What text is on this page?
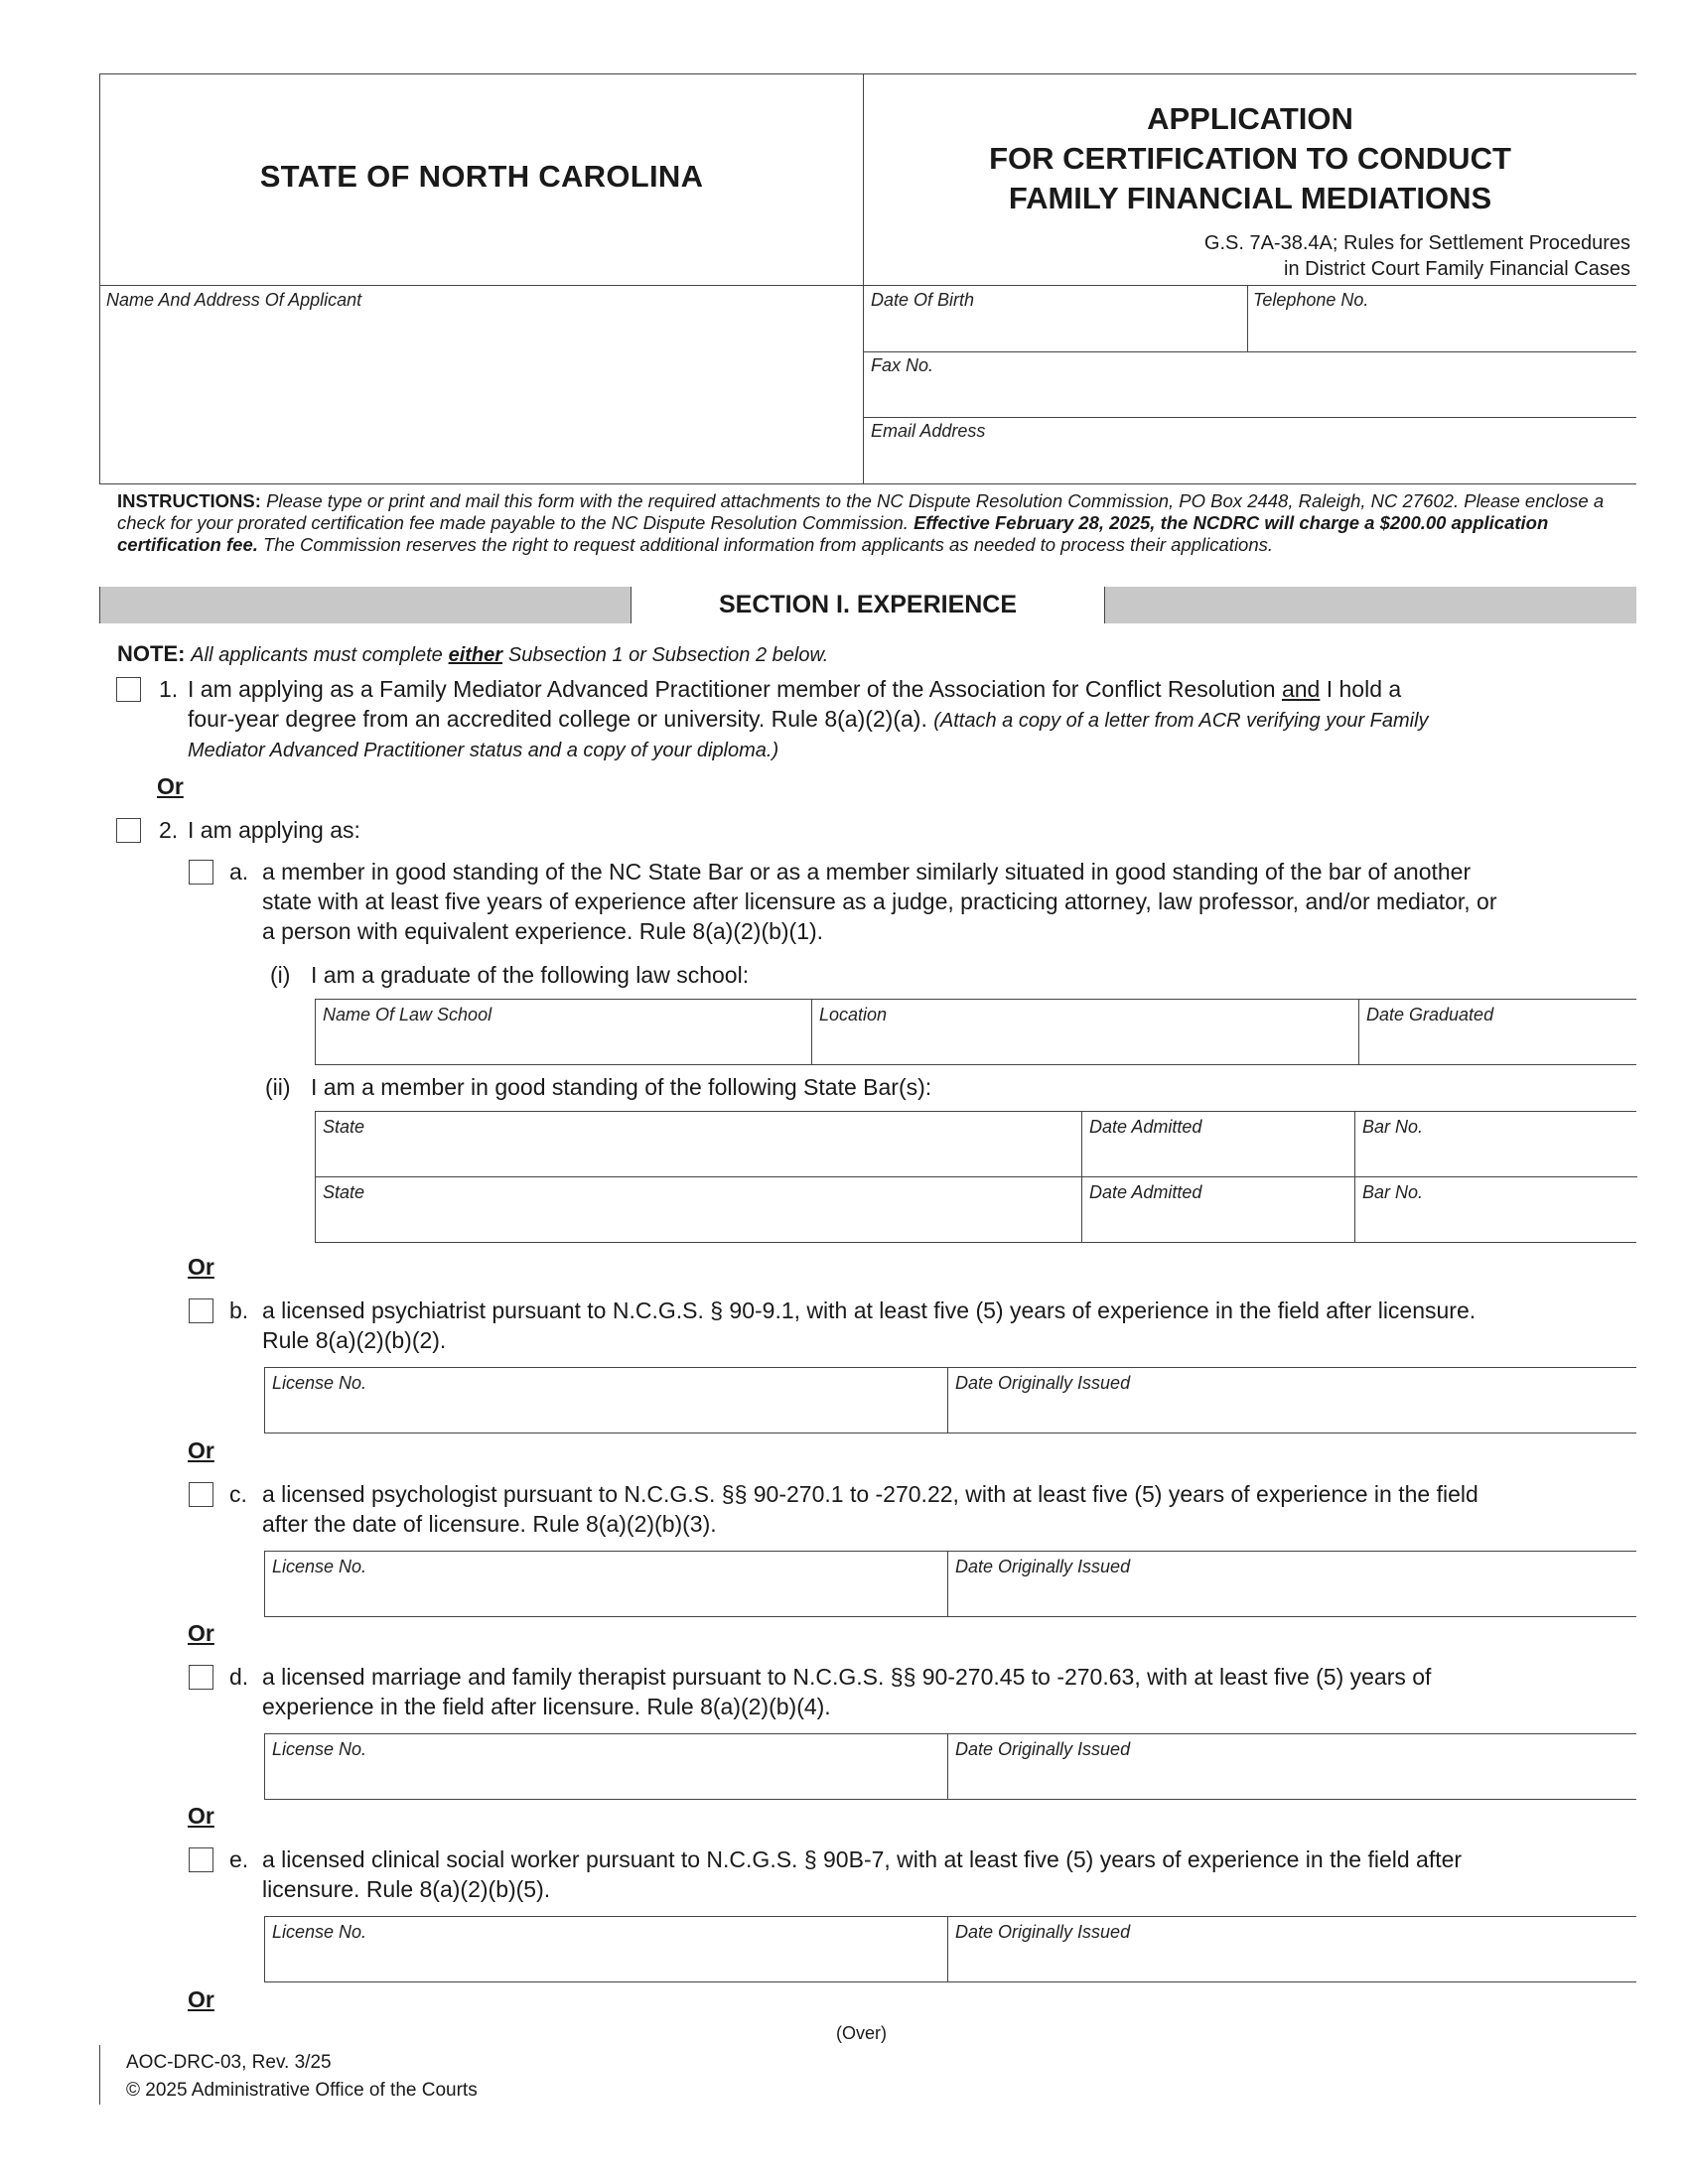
STATE OF NORTH CAROLINA
APPLICATION
FOR CERTIFICATION TO CONDUCT
FAMILY FINANCIAL MEDIATIONS
G.S. 7A-38.4A; Rules for Settlement Procedures
in District Court Family Financial Cases
Name And Address Of Applicant	Date Of Birth	Telephone No.
Fax No.
Email Address
INSTRUCTIONS: Please type or print and mail this form with the required attachments to the NC Dispute Resolution Commission, PO Box 2448, Raleigh, NC 27602. Please enclose a check for your prorated certification fee made payable to the NC Dispute Resolution Commission. Effective February 28, 2025, the NCDRC will charge a $200.00 application certification fee. The Commission reserves the right to request additional information from applicants as needed to process their applications.
SECTION I. EXPERIENCE
NOTE: All applicants must complete either Subsection 1 or Subsection 2 below.
1. I am applying as a Family Mediator Advanced Practitioner member of the Association for Conflict Resolution and I hold a
four-year degree from an accredited college or university. Rule 8(a)(2)(a). (Attach a copy of a letter from ACR verifying your Family
Mediator Advanced Practitioner status and a copy of your diploma.)
Or
2. I am applying as:
a. a member in good standing of the NC State Bar or as a member similarly situated in good standing of the bar of another
state with at least five years of experience after licensure as a judge, practicing attorney, law professor, and/or mediator, or
a person with equivalent experience. Rule 8(a)(2)(b)(1).
(i) I am a graduate of the following law school:
Name Of Law School	Location	Date Graduated
(ii) I am a member in good standing of the following State Bar(s):
State	Date Admitted	Bar No.
State	Date Admitted	Bar No.
Or
b. a licensed psychiatrist pursuant to N.C.G.S. § 90-9.1, with at least five (5) years of experience in the field after licensure.
Rule 8(a)(2)(b)(2).
License No.	Date Originally Issued
Or
c. a licensed psychologist pursuant to N.C.G.S. §§ 90-270.1 to -270.22, with at least five (5) years of experience in the field
after the date of licensure. Rule 8(a)(2)(b)(3).
License No.	Date Originally Issued
Or
d. a licensed marriage and family therapist pursuant to N.C.G.S. §§ 90-270.45 to -270.63, with at least five (5) years of
experience in the field after licensure. Rule 8(a)(2)(b)(4).
License No.	Date Originally Issued
Or
e. a licensed clinical social worker pursuant to N.C.G.S. § 90B-7, with at least five (5) years of experience in the field after
licensure. Rule 8(a)(2)(b)(5).
License No.	Date Originally Issued
Or
(Over)
AOC-DRC-03, Rev. 3/25
© 2025 Administrative Office of the Courts
